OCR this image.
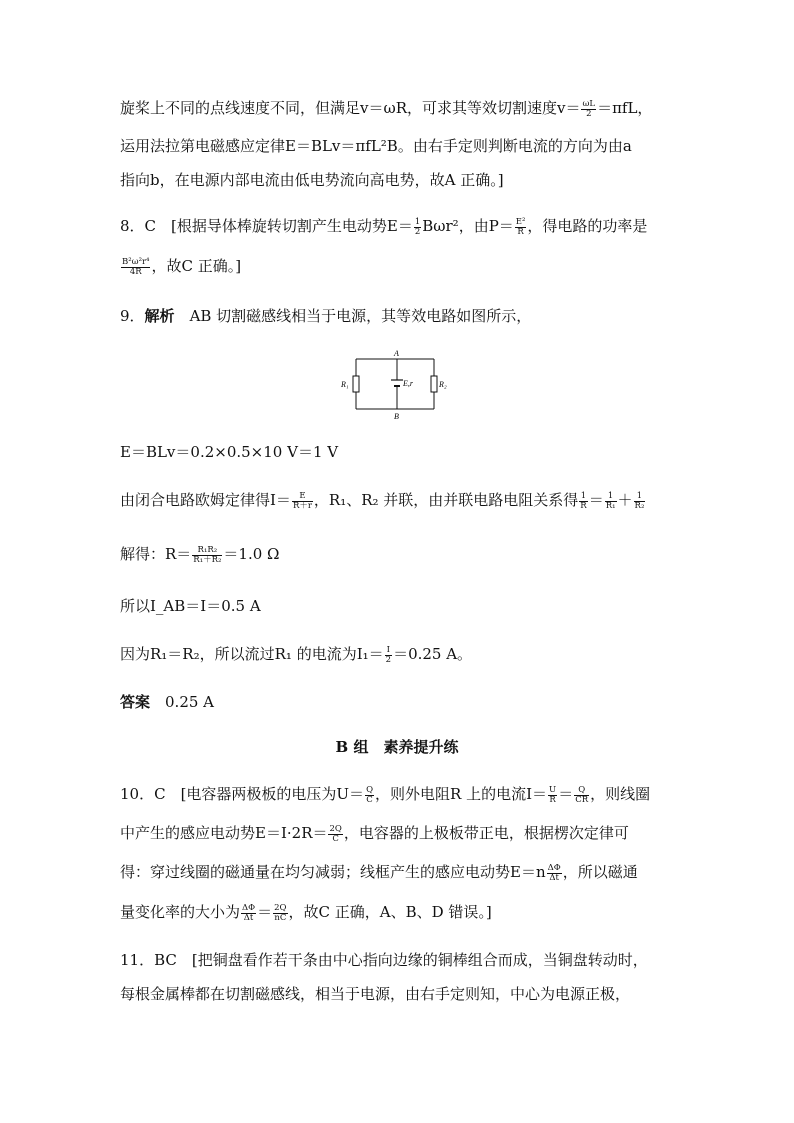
旋桨上不同的点线速度不同，但满足v＝ωR，可求其等效切割速度$v= \frac{\omega L}{2} =\pi fL$，
运用法拉第电磁感应定律E＝BLv＝πfL²B。由右手定则判断电流的方向为由a
指向b，在电源内部电流由低电势流向高电势，故A 正确。]
8．C　[根据导体棒旋转切割产生电动势$E= \frac{1}{2} B\omega r^2$，由$P= \frac{\text{E²}}{R}$ ，得电路的功率是
$\frac{\text{B²ω²r⁴}}{4R}$ ，故C 正确。]
9．解析　AB 切割磁感线相当于电源，其等效电路如图所示，
A
B
E,r
R₁	R₂
E＝BLv＝0.2×0.5×10 V＝1 V
由闭合电路欧姆定律得$I= \frac{E}{R+r}$ ，R₁、R₂ 并联，由并联电路电阻关系得 $\frac{1}{R} = \frac{1}{\text{R₁}} + \frac{1}{\text{R₂}}$
解得：$R= \frac{\text{R₁R₂}}{\text{R₁＋R₂}} =1.0$ Ω
所以I_AB＝I＝0.5 A
因为R₁＝R₂，所以流过R₁ 的电流为$I_1= \frac{I}{2} =0.25$ A。
答案　0.25 A
B 组　素养提升练
10．C　[电容器两极板的电压为$U= \frac{Q}{C}$ ，则外电阻R 上的电流$I= \frac{U}{R} = \frac{Q}{CR}$ ，则线圈
中产生的感应电动势$E=I\cdot 2R= \frac{2Q}{C}$ ，电容器的上极板带正电，根据楞次定律可
得：穿过线圈的磁通量在均匀减弱；线框产生的感应电动势$E=n \frac{\Delta\Phi}{\Delta t}$ ，所以磁通
量变化率的大小为 $\frac{\Delta\Phi}{\Delta t} = \frac{2Q}{nC}$ ，故C 正确，A、B、D 错误。]
11．BC　[把铜盘看作若干条由中心指向边缘的铜棒组合而成，当铜盘转动时，
每根金属棒都在切割磁感线，相当于电源，由右手定则知，中心为电源正极，
